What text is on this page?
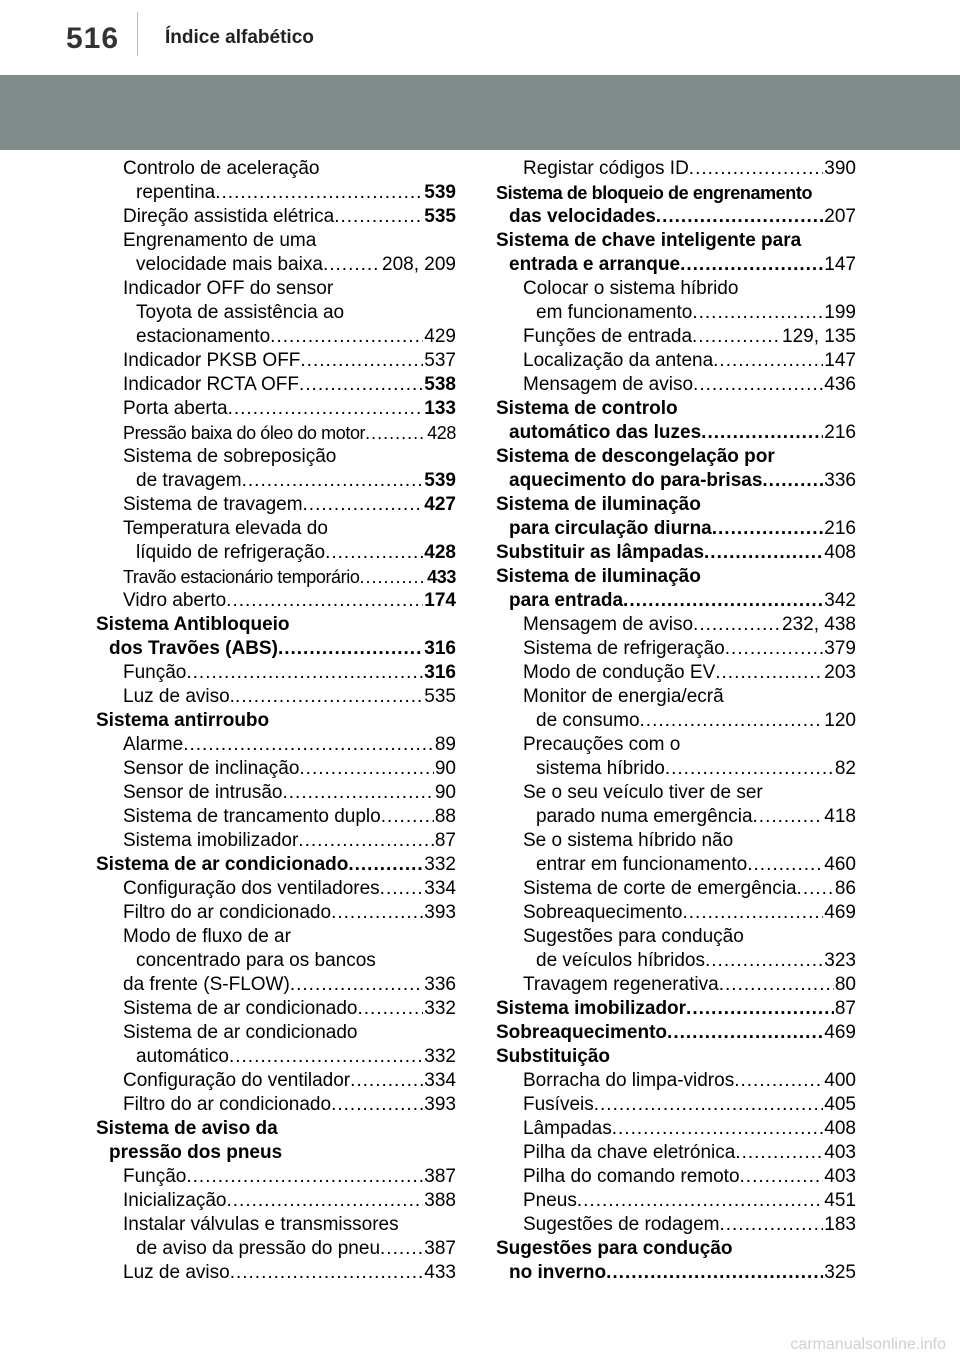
516 Índice alfabético
Controlo de aceleração
repentina .....	539
Direção assistida elétrica .....	535
Engrenamento de uma
velocidade mais baixa .....	208, 209
Indicador OFF do sensor
Toyota de assistência ao
estacionamento .....	429
Indicador PKSB OFF .....	537
Indicador RCTA OFF .....	538
Porta aberta .....	133
Pressão baixa do óleo do motor .....	428
Sistema de sobreposição
de travagem .....	539
Sistema de travagem .....	427
Temperatura elevada do
líquido de refrigeração .....	428
Travão estacionário temporário .....	433
Vidro aberto .....	174
Sistema Antibloqueio
dos Travões (ABS) .....	316
Função .....	316
Luz de aviso. .....	535
Sistema antirroubo
Alarme .....	89
Sensor de inclinação .....	90
Sensor de intrusão .....	90
Sistema de trancamento duplo .....	88
Sistema imobilizador .....	87
Sistema de ar condicionado .....	332
Configuração dos ventiladores ..... 334
Filtro do ar condicionado .....	393
Modo de fluxo de ar
concentrado para os bancos
da frente (S-FLOW) .....	336
Sistema de ar condicionado .....	332
Sistema de ar condicionado
automático .....	332
Configuração do ventilador .....	334
Filtro do ar condicionado .....	393
Sistema de aviso da
pressão dos pneus
Função .....	387
Inicialização .....	388
Instalar válvulas e transmissores
de aviso da pressão do pneu ..... 387
Luz de aviso .....	433
Registar códigos ID .....	390
Sistema de bloqueio de engrenamento
das velocidades .....	207
Sistema de chave inteligente para
entrada e arranque .....	147
Colocar o sistema híbrido
em funcionamento .....	199
Funções de entrada .....	129, 135
Localização da antena .....	147
Mensagem de aviso .....	436
Sistema de controlo
automático das luzes .....	216
Sistema de descongelação por
aquecimento do para-brisas .....	336
Sistema de iluminação
para circulação diurna .....	216
Substituir as lâmpadas .....	408
Sistema de iluminação
para entrada .....	342
Mensagem de aviso .....	232, 438
Sistema de refrigeração .....	379
Modo de condução EV .....	203
Monitor de energia/ecrã
de consumo .....	120
Precauções com o
sistema híbrido .....	82
Se o seu veículo tiver de ser
parado numa emergência .....	418
Se o sistema híbrido não
entrar em funcionamento .....	460
Sistema de corte de emergência ..... 86
Sobreaquecimento .....	469
Sugestões para condução
de veículos híbridos .....	323
Travagem regenerativa .....	80
Sistema imobilizador .....	87
Sobreaquecimento .....	469
Substituição
Borracha do limpa-vidros .....	400
Fusíveis .....	405
Lâmpadas .....	408
Pilha da chave eletrónica .....	403
Pilha do comando remoto .....	403
Pneus .....	451
Sugestões de rodagem .....	183
Sugestões para condução
no inverno .....	325
carmanualsonline.info
